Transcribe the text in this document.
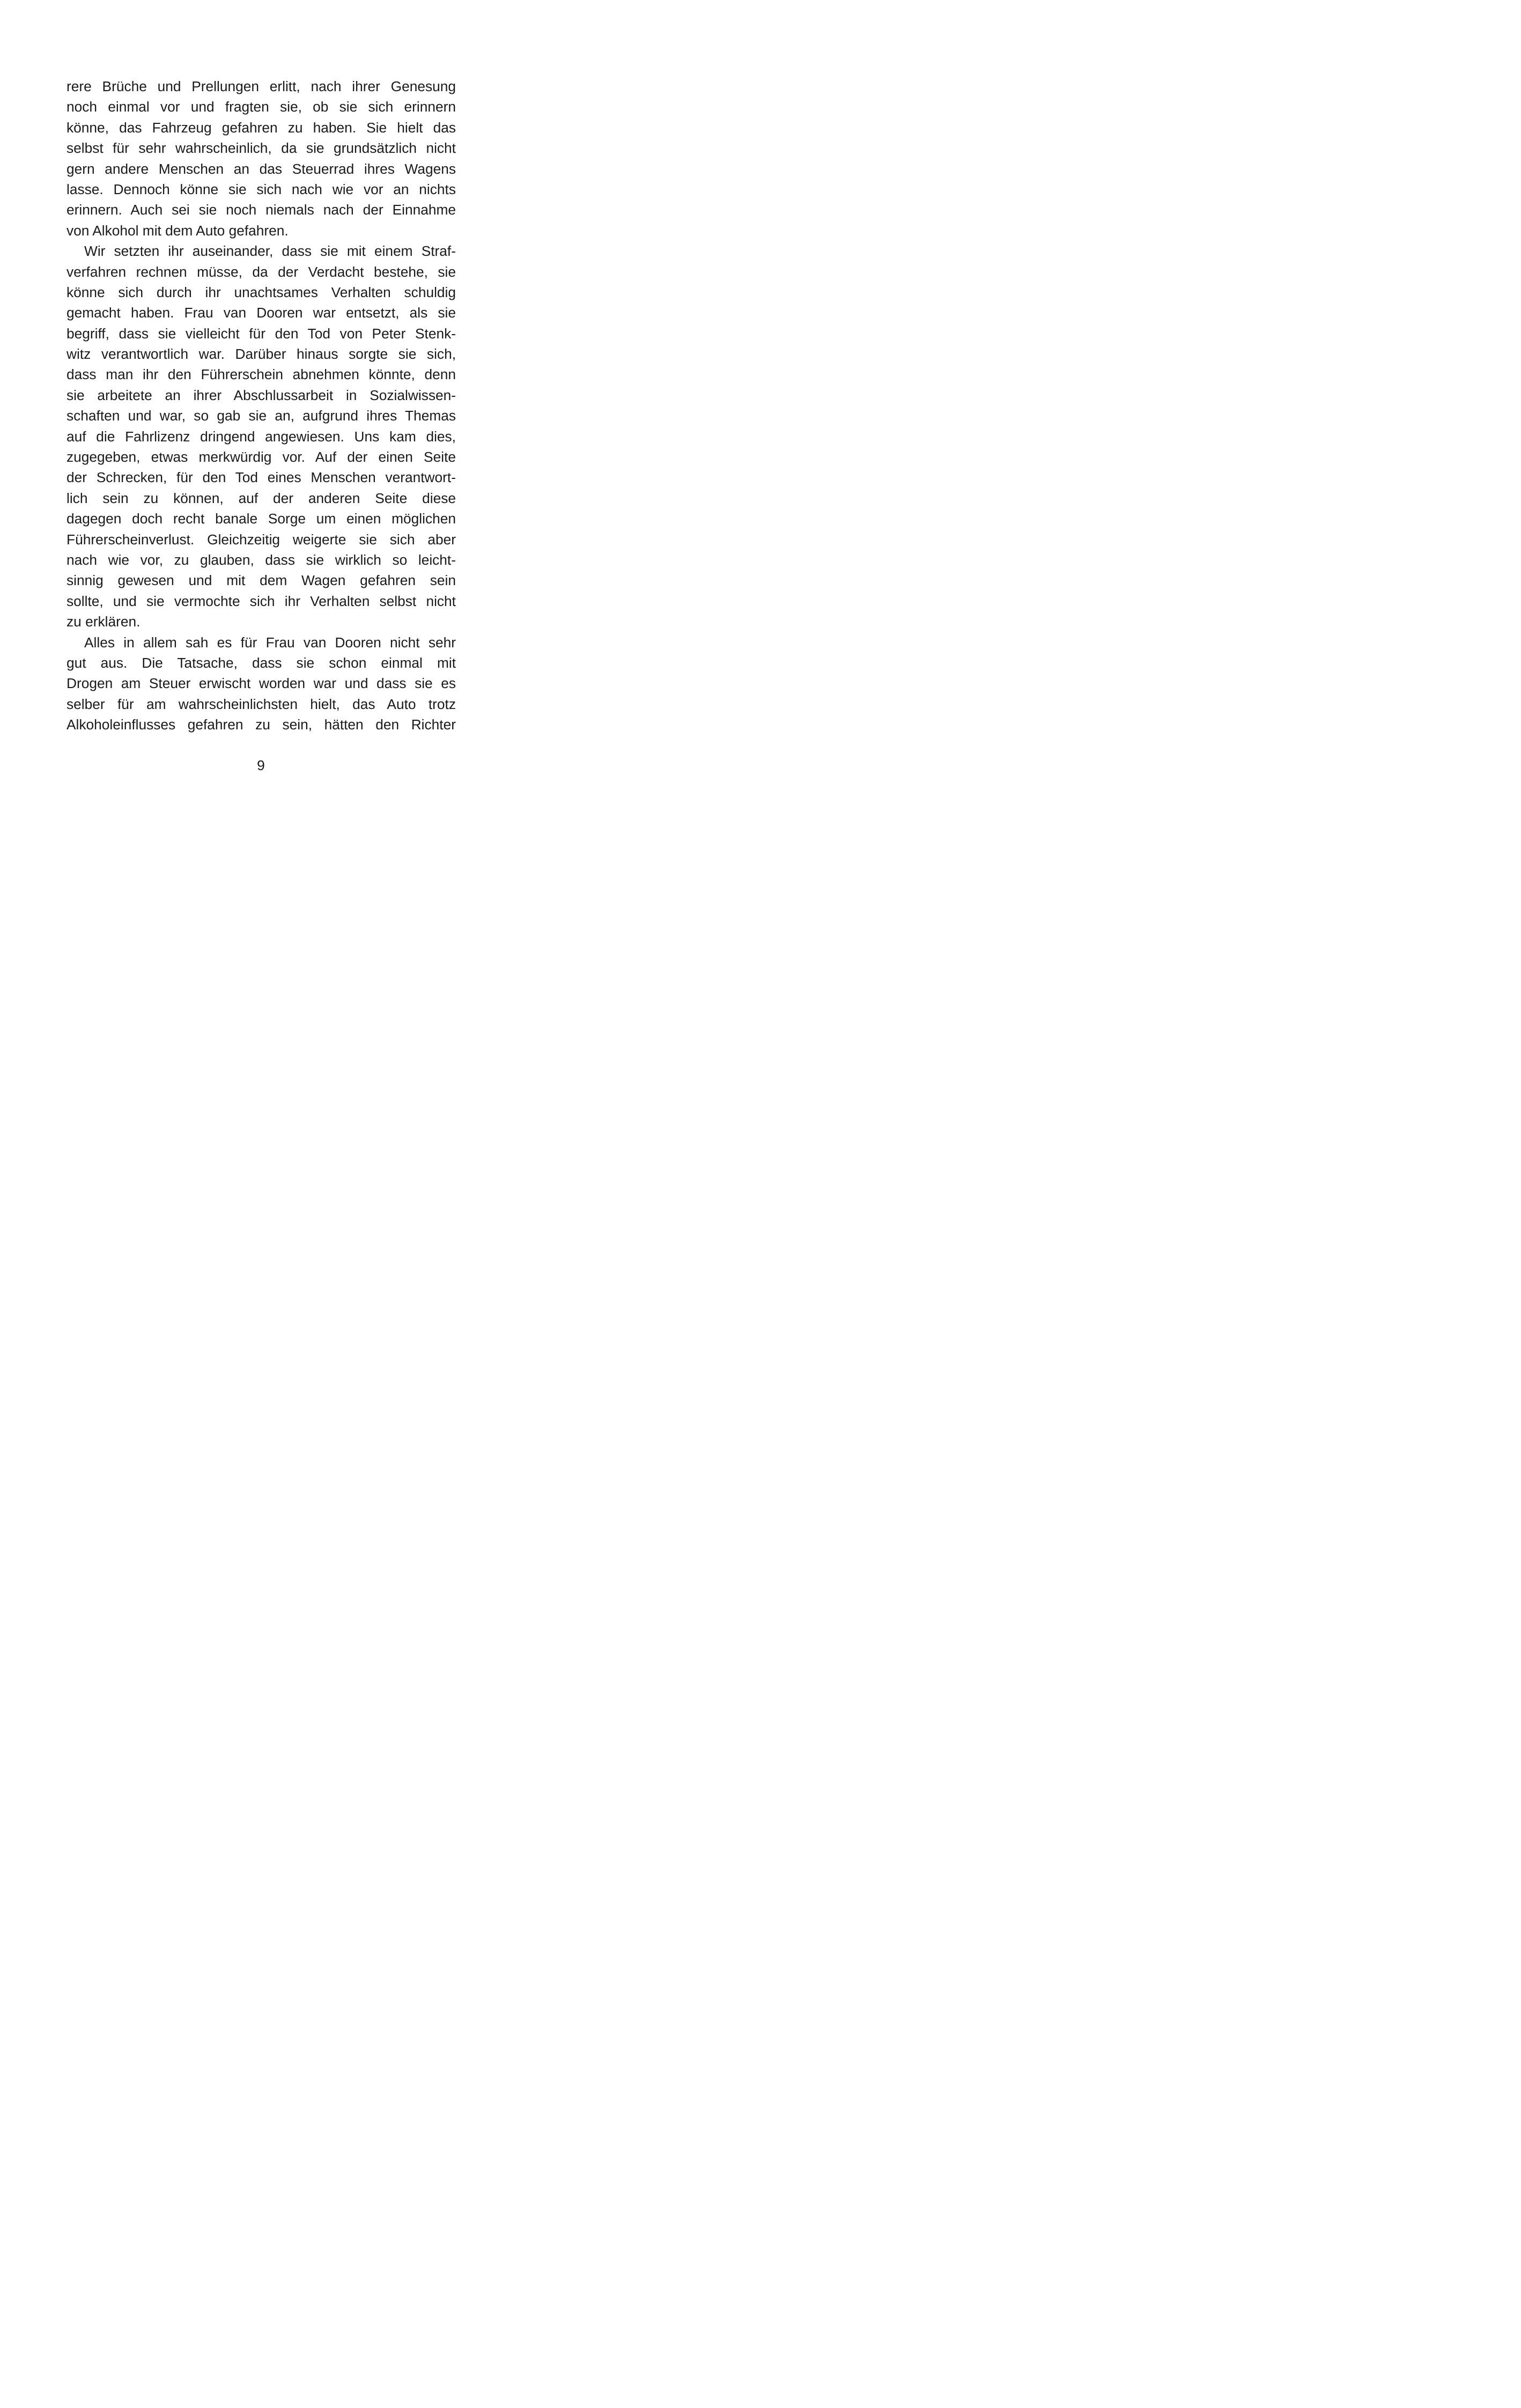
rere Brüche und Prellungen erlitt, nach ihrer Genesung
noch einmal vor und fragten sie, ob sie sich erinnern
könne, das Fahrzeug gefahren zu haben. Sie hielt das
selbst für sehr wahrscheinlich, da sie grundsätzlich nicht
gern andere Menschen an das Steuerrad ihres Wagens
lasse. Dennoch könne sie sich nach wie vor an nichts
erinnern. Auch sei sie noch niemals nach der Einnahme
von Alkohol mit dem Auto gefahren.
Wir setzten ihr auseinander, dass sie mit einem Straf-
verfahren rechnen müsse, da der Verdacht bestehe, sie
könne sich durch ihr unachtsames Verhalten schuldig
gemacht haben. Frau van Dooren war entsetzt, als sie
begriff, dass sie vielleicht für den Tod von Peter Stenk-
witz verantwortlich war. Darüber hinaus sorgte sie sich,
dass man ihr den Führerschein abnehmen könnte, denn
sie arbeitete an ihrer Abschlussarbeit in Sozialwissen-
schaften und war, so gab sie an, aufgrund ihres Themas
auf die Fahrlizenz dringend angewiesen. Uns kam dies,
zugegeben, etwas merkwürdig vor. Auf der einen Seite
der Schrecken, für den Tod eines Menschen verantwort-
lich sein zu können, auf der anderen Seite diese
dagegen doch recht banale Sorge um einen möglichen
Führerscheinverlust. Gleichzeitig weigerte sie sich aber
nach wie vor, zu glauben, dass sie wirklich so leicht-
sinnig gewesen und mit dem Wagen gefahren sein
sollte, und sie vermochte sich ihr Verhalten selbst nicht
zu erklären.
Alles in allem sah es für Frau van Dooren nicht sehr
gut aus. Die Tatsache, dass sie schon einmal mit
Drogen am Steuer erwischt worden war und dass sie es
selber für am wahrscheinlichsten hielt, das Auto trotz
Alkoholeinflusses gefahren zu sein, hätten den Richter
9
